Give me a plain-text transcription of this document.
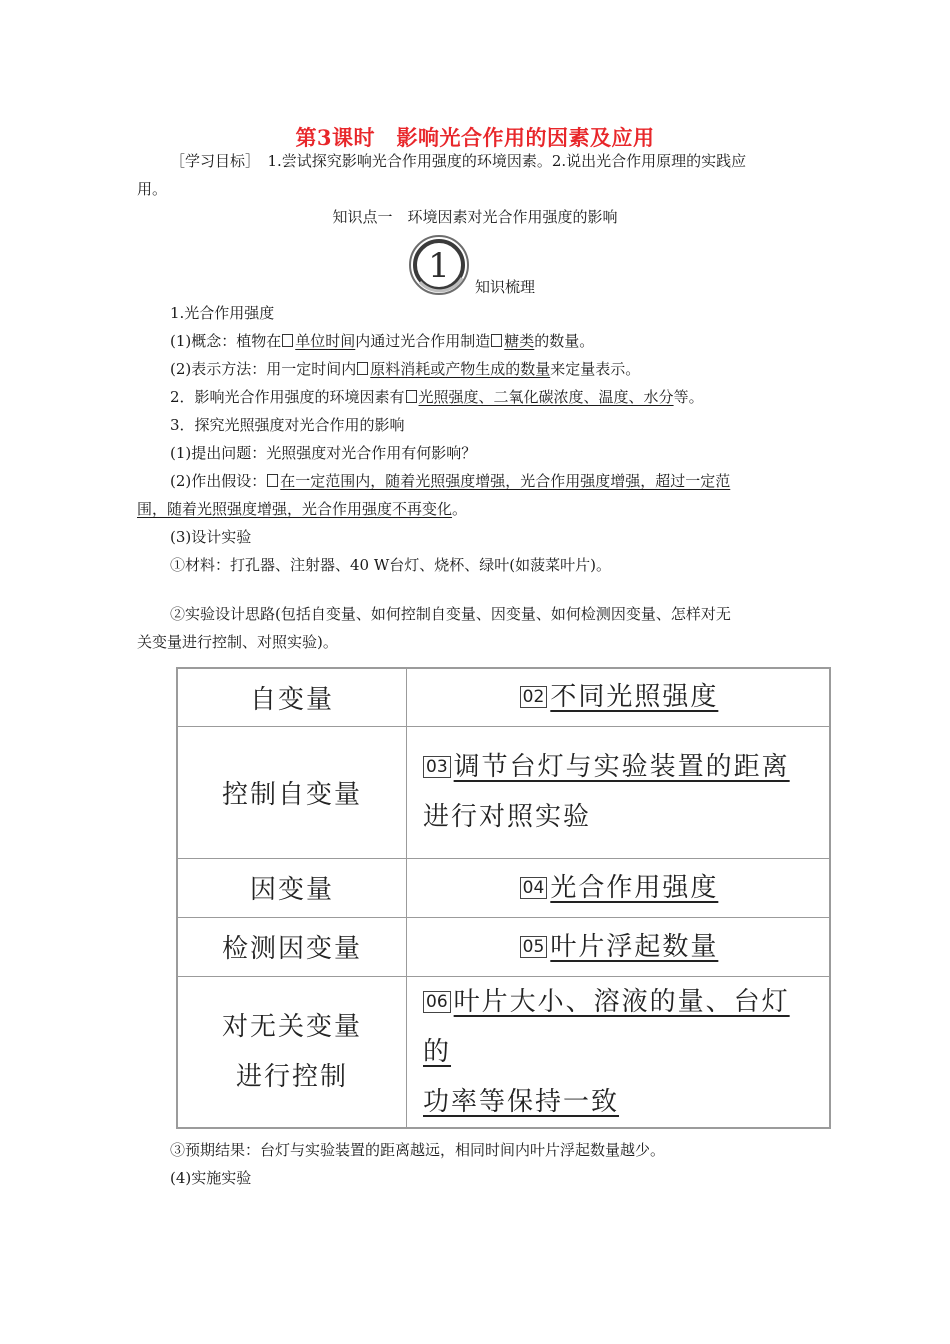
第3课时　影响光合作用的因素及应用
［学习目标］　1.尝试探究影响光合作用强度的环境因素。2.说出光合作用原理的实践应
用。
知识点一　环境因素对光合作用强度的影响
1
知识梳理
1.光合作用强度
(1)概念：植物在 单位时间内通过光合作用制造 糖类的数量。
(2)表示方法：用一定时间内 原料消耗或产物生成的数量来定量表示。
2．影响光合作用强度的环境因素有 光照强度、二氧化碳浓度、温度、水分等。
3．探究光照强度对光合作用的影响
(1)提出问题：光照强度对光合作用有何影响？
(2)作出假设： 在一定范围内，随着光照强度增强，光合作用强度增强，超过一定范
围，随着光照强度增强，光合作用强度不再变化。
(3)设计实验
①材料：打孔器、注射器、40 W台灯、烧杯、绿叶(如菠菜叶片)。
②实验设计思路(包括自变量、如何控制自变量、因变量、如何检测因变量、怎样对无
关变量进行控制、对照实验)。
自变量	02 不同光照强度
控制自变量	03 调节台灯与实验装置的距离
进行对照实验
因变量	04 光合作用强度
检测因变量	05 叶片浮起数量
对无关变量
进行控制	06 叶片大小、溶液的量、台灯的
功率等保持一致
③预期结果：台灯与实验装置的距离越远，相同时间内叶片浮起数量越少。
(4)实施实验
